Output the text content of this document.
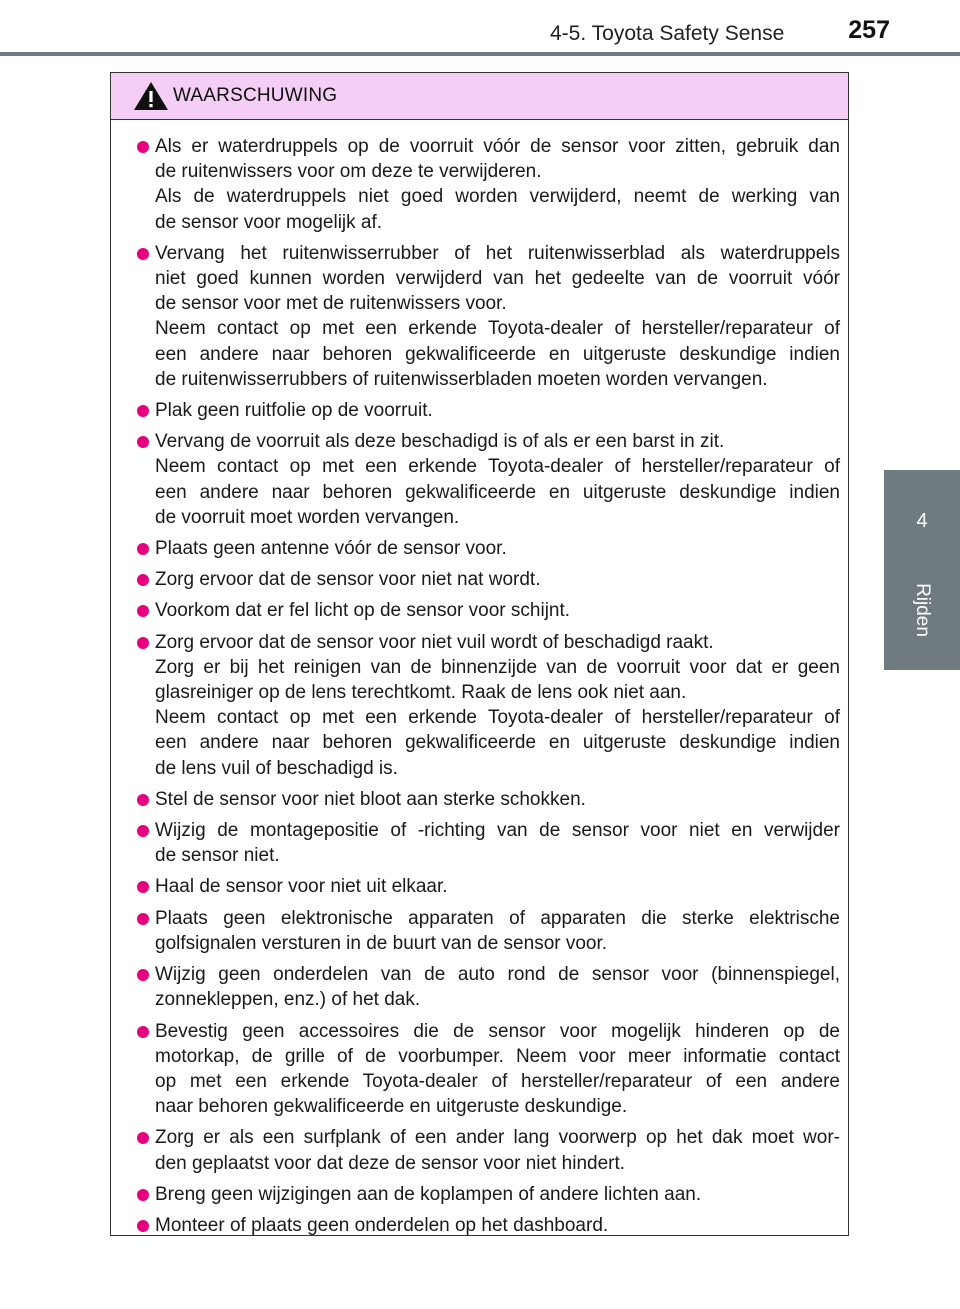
4-5. Toyota Safety Sense	257
4
Rijden
WAARSCHUWING
Als er waterdruppels op de voorruit vóór de sensor voor zitten, gebruik dan
de ruitenwissers voor om deze te verwijderen.
Als de waterdruppels niet goed worden verwijderd, neemt de werking van
de sensor voor mogelijk af.
Vervang het ruitenwisserrubber of het ruitenwisserblad als waterdruppels
niet goed kunnen worden verwijderd van het gedeelte van de voorruit vóór
de sensor voor met de ruitenwissers voor.
Neem contact op met een erkende Toyota-dealer of hersteller/reparateur of
een andere naar behoren gekwalificeerde en uitgeruste deskundige indien
de ruitenwisserrubbers of ruitenwisserbladen moeten worden vervangen.
Plak geen ruitfolie op de voorruit.
Vervang de voorruit als deze beschadigd is of als er een barst in zit.
Neem contact op met een erkende Toyota-dealer of hersteller/reparateur of
een andere naar behoren gekwalificeerde en uitgeruste deskundige indien
de voorruit moet worden vervangen.
Plaats geen antenne vóór de sensor voor.
Zorg ervoor dat de sensor voor niet nat wordt.
Voorkom dat er fel licht op de sensor voor schijnt.
Zorg ervoor dat de sensor voor niet vuil wordt of beschadigd raakt.
Zorg er bij het reinigen van de binnenzijde van de voorruit voor dat er geen
glasreiniger op de lens terechtkomt. Raak de lens ook niet aan.
Neem contact op met een erkende Toyota-dealer of hersteller/reparateur of
een andere naar behoren gekwalificeerde en uitgeruste deskundige indien
de lens vuil of beschadigd is.
Stel de sensor voor niet bloot aan sterke schokken.
Wijzig de montagepositie of -richting van de sensor voor niet en verwijder
de sensor niet.
Haal de sensor voor niet uit elkaar.
Plaats geen elektronische apparaten of apparaten die sterke elektrische
golfsignalen versturen in de buurt van de sensor voor.
Wijzig geen onderdelen van de auto rond de sensor voor (binnenspiegel,
zonnekleppen, enz.) of het dak.
Bevestig geen accessoires die de sensor voor mogelijk hinderen op de
motorkap, de grille of de voorbumper. Neem voor meer informatie contact
op met een erkende Toyota-dealer of hersteller/reparateur of een andere
naar behoren gekwalificeerde en uitgeruste deskundige.
Zorg er als een surfplank of een ander lang voorwerp op het dak moet wor-
den geplaatst voor dat deze de sensor voor niet hindert.
Breng geen wijzigingen aan de koplampen of andere lichten aan.
Monteer of plaats geen onderdelen op het dashboard.
